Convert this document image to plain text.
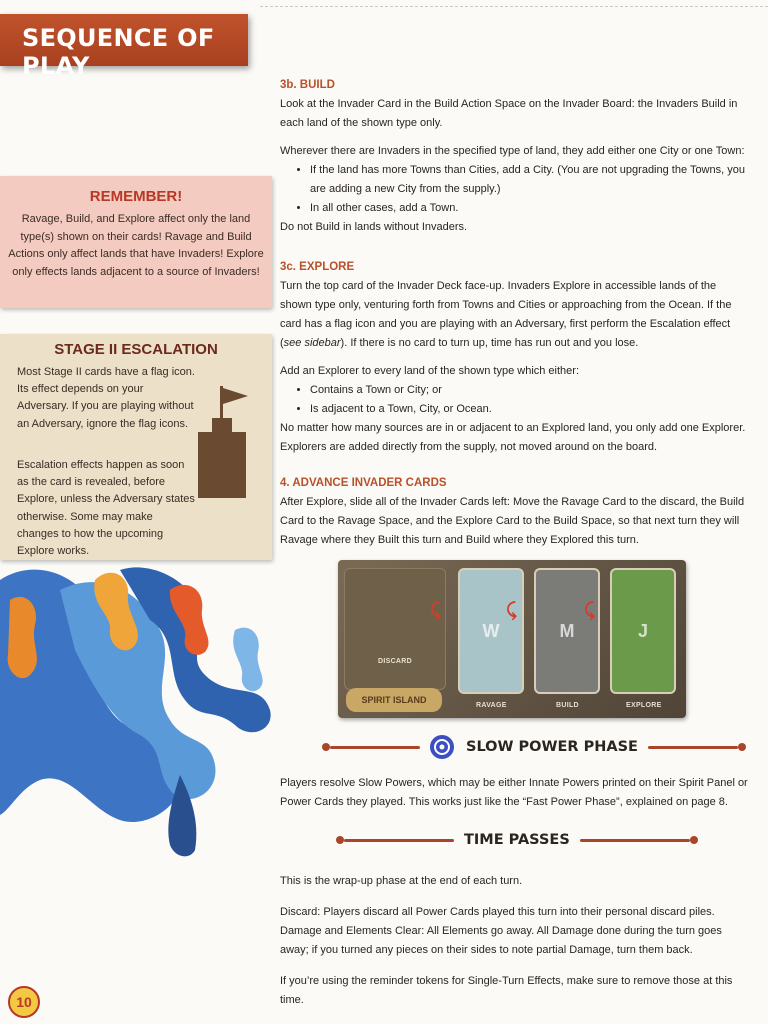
SEQUENCE OF PLAY
REMEMBER!

Ravage, Build, and Explore affect only the land type(s) shown on their cards! Ravage and Build Actions only affect lands that have Invaders! Explore only effects lands adjacent to a source of Invaders!

STAGE II ESCALATION

Most Stage II cards have a flag icon. Its effect depends on your Adversary. If you are playing without an Adversary, ignore the flag icons.

Escalation effects happen as soon as the card is revealed, before Explore, unless the Adversary states otherwise. Some may make changes to how the upcoming Explore works.

3b. BUILD

Look at the Invader Card in the Build Action Space on the Invader Board: the Invaders Build in each land of the shown type only.

Wherever there are Invaders in the specified type of land, they add either one City or one Town:

• If the land has more Towns than Cities, add a City. (You are not upgrading the Towns, you are adding a new City from the supply.)
• In all other cases, add a Town.

Do not Build in lands without Invaders.

3c. EXPLORE

Turn the top card of the Invader Deck face-up. Invaders Explore in accessible lands of the shown type only, venturing forth from Towns and Cities or approaching from the Ocean. If the card has a flag icon and you are playing with an Adversary, first perform the Escalation effect (see sidebar). If there is no card to turn up, time has run out and you lose.

Add an Explorer to every land of the shown type which either:

• Contains a Town or City; or
• Is adjacent to a Town, City, or Ocean.

No matter how many sources are in or adjacent to an Explored land, you only add one Explorer. Explorers are added directly from the supply, not moved around on the board.

4. ADVANCE INVADER CARDS

After Explore, slide all of the Invader Cards left: Move the Ravage Card to the discard, the Build Card to the Ravage Space, and the Explore Card to the Build Space, so that next turn they will Ravage where they Built this turn and Build where they Explored this turn.

DISCARD
W	M	J
RAVAGE	BUILD	EXPLORE
⤹	⤹	⤹
SPIRIT ISLAND
SLOW POWER PHASE

Players resolve Slow Powers, which may be either Innate Powers printed on their Spirit Panel or Power Cards they played. This works just like the “Fast Power Phase”, explained on page 8.

TIME PASSES

This is the wrap-up phase at the end of each turn.

Discard: Players discard all Power Cards played this turn into their personal discard piles.

Damage and Elements Clear: All Elements go away. All Damage done during the turn goes away; if you turned any pieces on their sides to note partial Damage, turn them back.

If you’re using the reminder tokens for Single-Turn Effects, make sure to remove those at this time.

10
